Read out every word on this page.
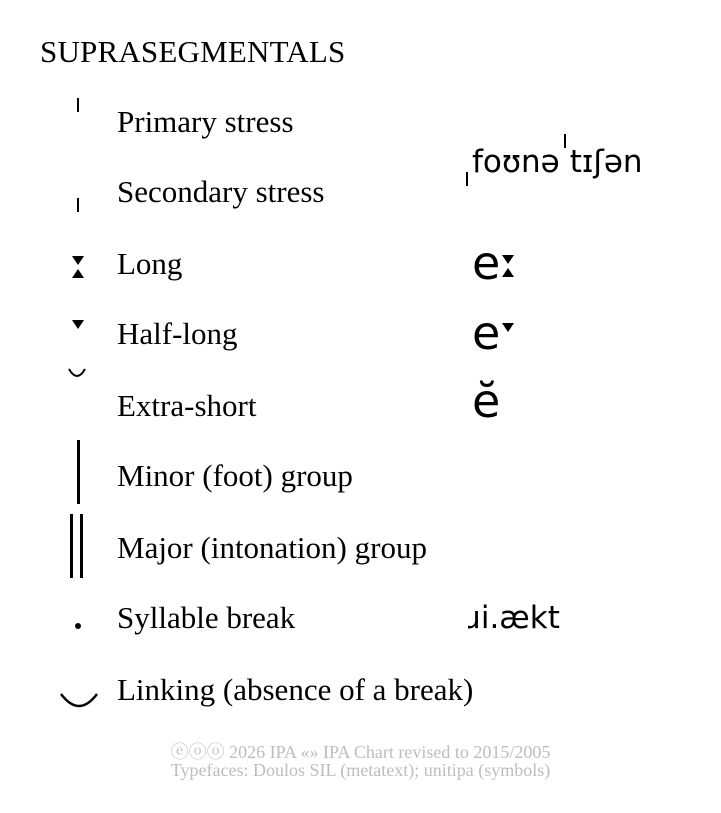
SUPRASEGMENTALS
Primary stress
foʊnə tɪʃən
Secondary stress
Long	e
Half-long	e
Extra-short	ĕ
Minor (foot) group
Major (intonation) group
Syllable break	ɹi.ækt
Linking (absence of a break)
ⓔⓞⓞ 2026 IPA «» IPA Chart revised to 2015/2005
Typefaces: Doulos SIL (metatext); unitipa (symbols)
